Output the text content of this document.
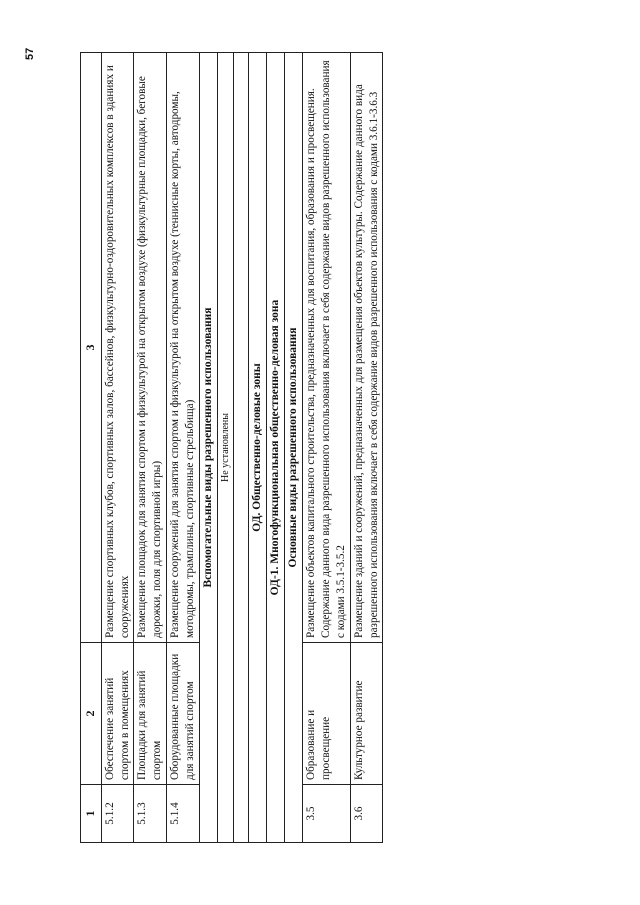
57
1	2	3
5.1.2	Обеспечение занятий спортом в помещениях	Размещение спортивных клубов, спортивных залов, бассейнов, физкультурно-оздоровительных комплексов в зданиях и сооружениях
5.1.3	Площадки для занятий спортом	Размещение площадок для занятия спортом и физкультурой на открытом воздухе (физкультурные площадки, беговые дорожки, поля для спортивной игры)
5.1.4	Оборудованные площадки для занятий спортом	Размещение сооружений для занятия спортом и физкультурой на открытом воздухе (теннисные корты, автодромы, мотодромы, трамплины, спортивные стрельбища)
Вспомогательные виды разрешенного использования		
Не установлены		

ОД. Общественно-деловые зоны		
ОД-1. Многофункциональная общественно-деловая зона		
Основные виды разрешенного использования		
3.5	Образование и просвещение	Размещение объектов капитального строительства, предназначенных для воспитания, образования и просвещения. Содержание данного вида разрешенного использования включает в себя содержание видов разрешенного использования с кодами 3.5.1-3.5.2
3.6	Культурное развитие	Размещение зданий и сооружений, предназначенных для размещения объектов культуры. Содержание данного вида разрешенного использования включает в себя содержание видов разрешенного использования с кодами 3.6.1-3.6.3
